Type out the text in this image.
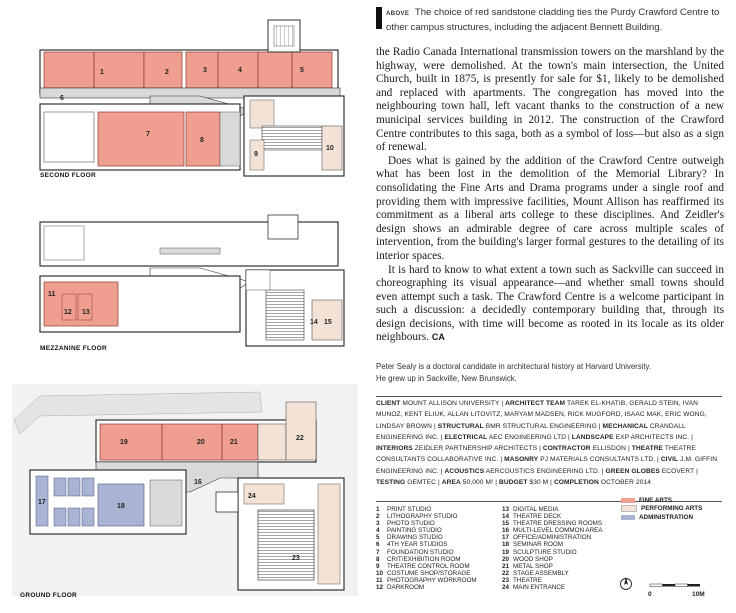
1	2	3	4	5
6
7
8
9
10
11
12 13
14 15
16
17
18
19	20	21
22
23
24
SECOND FLOOR
MEZZANINE FLOOR
GROUND FLOOR
ABOVE The choice of red sandstone cladding ties the Purdy Crawford Centre to other campus structures, including the adjacent Bennett Building.

the Radio Canada International transmission towers on the marshland by the highway, were demolished. At the town's main intersection, the United Church, built in 1875, is presently for sale for $1, likely to be demolished and replaced with apartments. The congregation has moved into the neighbouring town hall, left vacant thanks to the construction of a new municipal services building in 2012. The construction of the Crawford Centre contributes to this saga, both as a symbol of loss—but also as a sign of renewal.

Does what is gained by the addition of the Crawford Centre outweigh what has been lost in the demolition of the Memorial Library? In consolidating the Fine Arts and Drama programs under a single roof and providing them with impressive facilities, Mount Allison has reaffirmed its commitment as a liberal arts college to these disciplines. And Zeidler's design shows an admirable degree of care across multiple scales of intervention, from the building's larger formal gestures to the detailing of its interior spaces.

It is hard to know to what extent a town such as Sackville can succeed in choreographing its visual appearance—and whether small towns should even attempt such a task. The Crawford Centre is a welcome participant in such a discussion: a decidedly contemporary building that, through its design decisions, with time will become as rooted in its locale as its older neighbours. CA

Peter Sealy is a doctoral candidate in architectural history at Harvard University.
He grew up in Sackville, New Brunswick.
CLIENT MOUNT ALLISON UNIVERSITY | ARCHITECT TEAM TAREK EL-KHATIB, GERALD STEIN, IVAN MUNOZ, KENT ELIUK, ALLAN LITOVITZ, MARYAM MADSEN, RICK MUGFORD, ISAAC MAK, ERIC WONG, LINDSAY BROWN | STRUCTURAL BMR STRUCTURAL ENGINEERING | MECHANICAL CRANDALL ENGINEERING INC. | ELECTRICAL AEC ENGINEERING LTD | LANDSCAPE EXP ARCHITECTS INC. | INTERIORS ZEIDLER PARTNERSHIP ARCHITECTS | CONTRACTOR ELLISDON | THEATRE THEATRE CONSULTANTS COLLABORATIVE INC. | MASONRY PJ MATERIALS CONSULTANTS LTD. | CIVIL J.M. GIFFIN ENGINEERING INC. | ACOUSTICS AERCOUSTICS ENGINEERING LTD. | GREEN GLOBES ECOVERT | TESTING GEMTEC | AREA 50,000 M² | BUDGET $30 M | COMPLETION OCTOBER 2014
1 PRINT STUDIO
2 LITHOGRAPHY STUDIO
3 PHOTO STUDIO
4 PAINTING STUDIO
5 DRAWING STUDIO
6 4TH YEAR STUDIOS
7 FOUNDATION STUDIO
8 CRIT/EXHIBITION ROOM
9 THEATRE CONTROL ROOM
10 COSTUME SHOP/STORAGE
11 PHOTOGRAPHY WORKROOM
12 DARKROOM
13 DIGITAL MEDIA
14 THEATRE DECK
15 THEATRE DRESSING ROOMS
16 MULTI-LEVEL COMMON AREA
17 OFFICE/ADMINISTRATION
18 SEMINAR ROOM
19 SCULPTURE STUDIO
20 WOOD SHOP
21 METAL SHOP
22 STAGE ASSEMBLY
23 THEATRE
24 MAIN ENTRANCE
FINE ARTS
PERFORMING ARTS
ADMINISTRATION
0	10M
